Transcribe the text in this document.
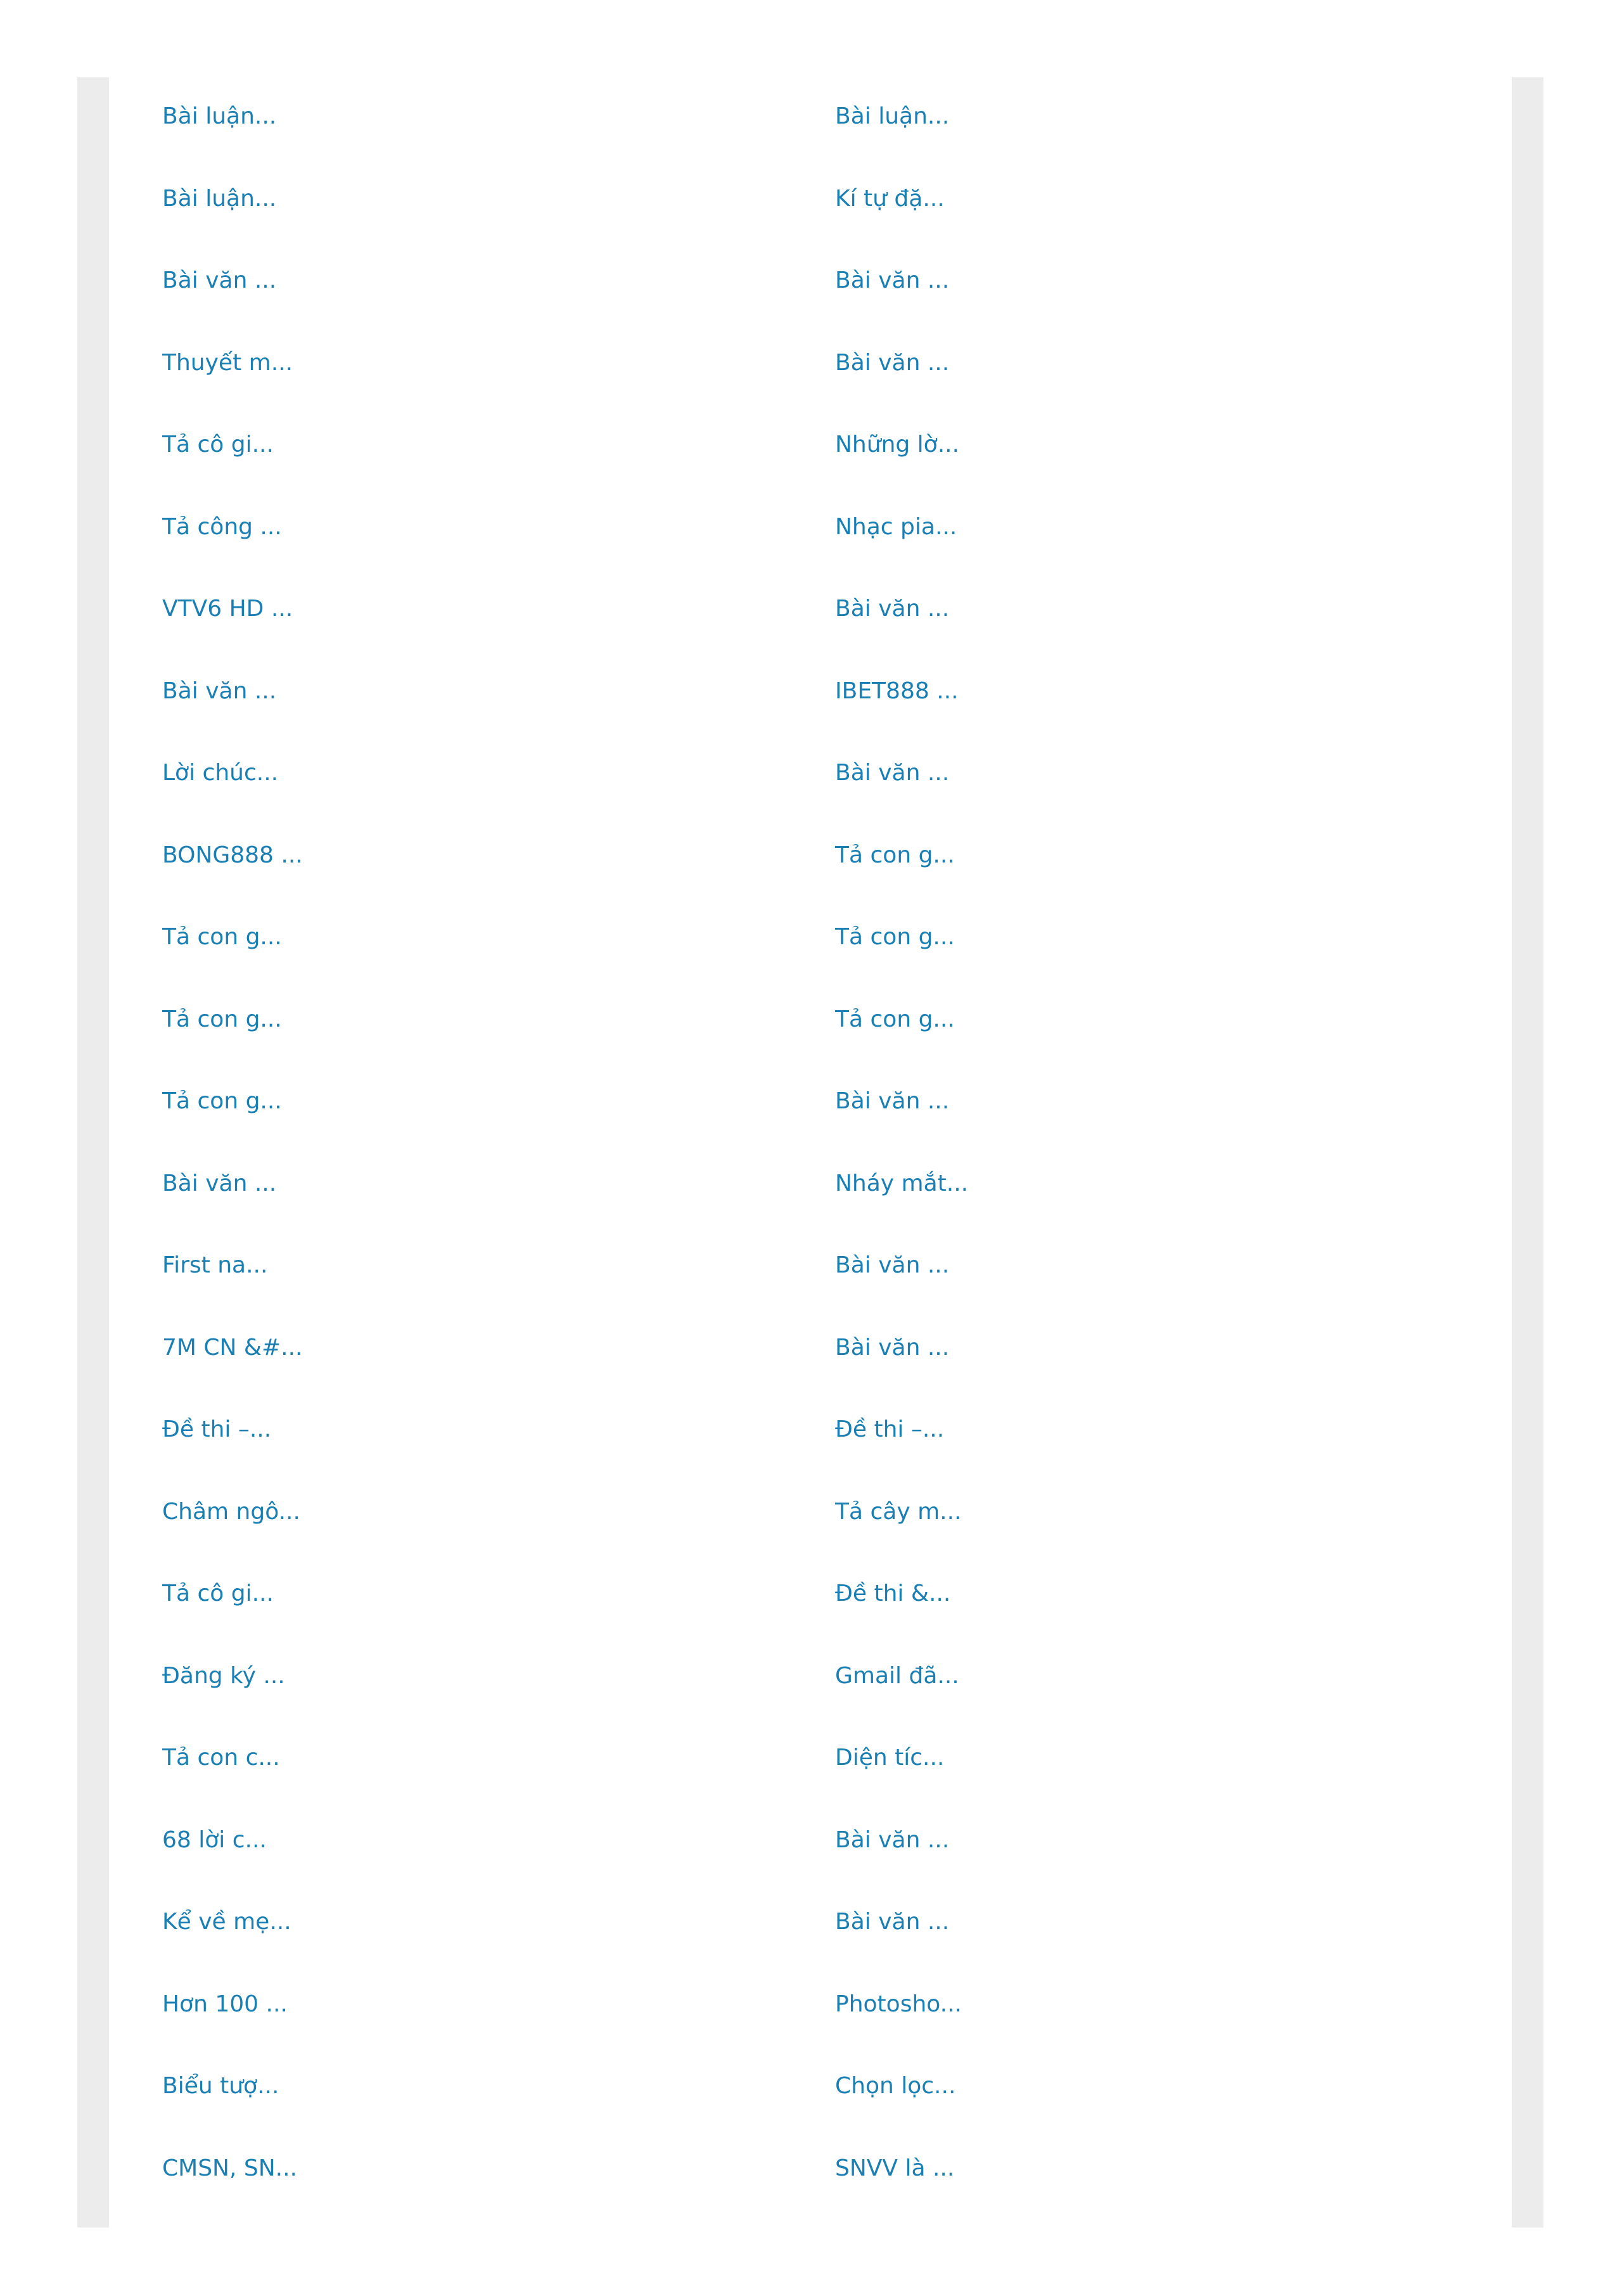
Bài luận...	Bài luận...
Bài luận...	Kí tự đặ...
Bài văn ...	Bài văn ...
Thuyết m...	Bài văn ...
Tả cô gi...	Những lờ...
Tả công ...	Nhạc pia...
VTV6 HD ...	Bài văn ...
Bài văn ...	IBET888 ...
Lời chúc...	Bài văn ...
BONG888 ...	Tả con g...
Tả con g...	Tả con g...
Tả con g...	Tả con g...
Tả con g...	Bài văn ...
Bài văn ...	Nháy mắt...
First na...	Bài văn ...
7M CN &#...	Bài văn ...
Đề thi –...	Đề thi –...
Châm ngô...	Tả cây m...
Tả cô gi...	Đề thi &...
Đăng ký ...	Gmail đã...
Tả con c...	Diện tíc...
68 lời c...	Bài văn ...
Kể về mẹ...	Bài văn ...
Hơn 100 ...	Photosho...
Biểu tượ...	Chọn lọc...
CMSN, SN...	SNVV là ...
